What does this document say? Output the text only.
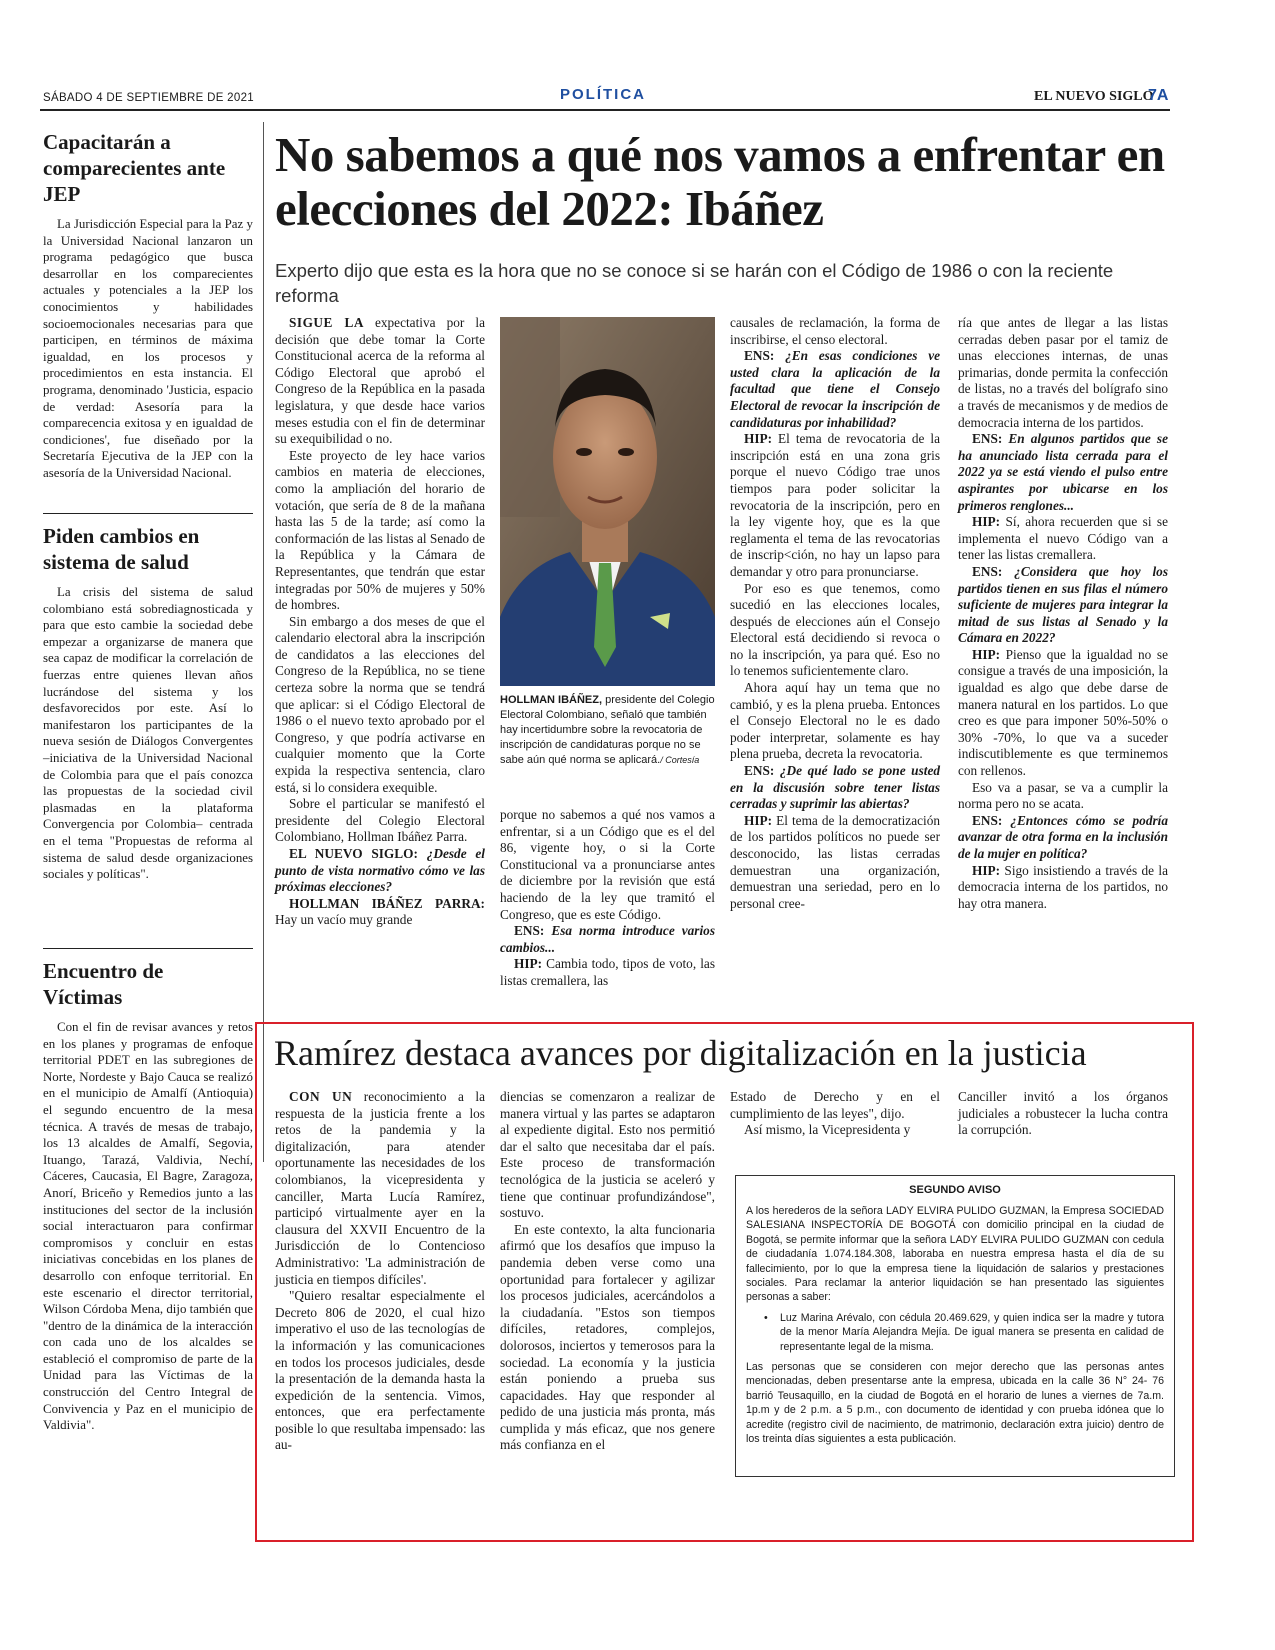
SÁBADO 4 DE SEPTIEMBRE DE 2021	POLÍTICA	EL NUEVO SIGLO
7A
Capacitarán a comparecientes ante JEP

La Jurisdicción Especial para la Paz y la Universidad Nacional lanzaron un programa pedagógico que busca desarrollar en los comparecientes actuales y potenciales a la JEP los conocimientos y habilidades socioemocionales necesarias para que participen, en términos de máxima igualdad, en los procesos y procedimientos en esta instancia. El programa, denominado 'Justicia, espacio de verdad: Asesoría para la comparecencia exitosa y en igualdad de condiciones', fue diseñado por la Secretaría Ejecutiva de la JEP con la asesoría de la Universidad Nacional.

Piden cambios en sistema de salud

La crisis del sistema de salud colombiano está sobrediagnosticada y para que esto cambie la sociedad debe empezar a organizarse de manera que sea capaz de modificar la correlación de fuerzas entre quienes llevan años lucrándose del sistema y los desfavorecidos por este. Así lo manifestaron los participantes de la nueva sesión de Diálogos Convergentes –iniciativa de la Universidad Nacional de Colombia para que el país conozca las propuestas de la sociedad civil plasmadas en la plataforma Convergencia por Colombia– centrada en el tema "Propuestas de reforma al sistema de salud desde organizaciones sociales y políticas".

Encuentro de Víctimas

Con el fin de revisar avances y retos en los planes y programas de enfoque territorial PDET en las subregiones de Norte, Nordeste y Bajo Cauca se realizó en el municipio de Amalfí (Antioquia) el segundo encuentro de la mesa técnica. A través de mesas de trabajo, los 13 alcaldes de Amalfí, Segovia, Ituango, Tarazá, Valdivia, Nechí, Cáceres, Caucasia, El Bagre, Zaragoza, Anorí, Briceño y Remedios junto a las instituciones del sector de la inclusión social interactuaron para confirmar compromisos y concluir en estas iniciativas concebidas en los planes de desarrollo con enfoque territorial. En este escenario el director territorial, Wilson Córdoba Mena, dijo también que "dentro de la dinámica de la interacción con cada uno de los alcaldes se estableció el compromiso de parte de la Unidad para las Víctimas de la construcción del Centro Integral de Convivencia y Paz en el municipio de Valdivia".

No sabemos a qué nos vamos a enfrentar en elecciones del 2022: Ibáñez
Experto dijo que esta es la hora que no se conoce si se harán con el Código de 1986 o con la reciente reforma

SIGUE LA expectativa por la decisión que debe tomar la Corte Constitucional acerca de la reforma al Código Electoral que aprobó el Congreso de la República en la pasada legislatura, y que desde hace varios meses estudia con el fin de determinar su exequibilidad o no.

Este proyecto de ley hace varios cambios en materia de elecciones, como la ampliación del horario de votación, que sería de 8 de la mañana hasta las 5 de la tarde; así como la conformación de las listas al Senado de la República y la Cámara de Representantes, que tendrán que estar integradas por 50% de mujeres y 50% de hombres.

Sin embargo a dos meses de que el calendario electoral abra la inscripción de candidatos a las elecciones del Congreso de la República, no se tiene certeza sobre la norma que se tendrá que aplicar: si el Código Electoral de 1986 o el nuevo texto aprobado por el Congreso, y que podría activarse en cualquier momento que la Corte expida la respectiva sentencia, claro está, si lo considera exequible.

Sobre el particular se manifestó el presidente del Colegio Electoral Colombiano, Hollman Ibáñez Parra.

EL NUEVO SIGLO: ¿Desde el punto de vista normativo cómo ve las próximas elecciones?

HOLLMAN IBÁÑEZ PARRA: Hay un vacío muy grande

HOLLMAN IBÁÑEZ, presidente del Colegio Electoral Colombiano, señaló que también hay incertidumbre sobre la revocatoria de inscripción de candidaturas porque no se sabe aún qué norma se aplicará./ Cortesía

porque no sabemos a qué nos vamos a enfrentar, si a un Código que es el del 86, vigente hoy, o si la Corte Constitucional va a pronunciarse antes de diciembre por la revisión que está haciendo de la ley que tramitó el Congreso, que es este Código.

ENS: Esa norma introduce varios cambios...

HIP: Cambia todo, tipos de voto, las listas cremallera, las

causales de reclamación, la forma de inscribirse, el censo electoral.

ENS: ¿En esas condiciones ve usted clara la aplicación de la facultad que tiene el Consejo Electoral de revocar la inscripción de candidaturas por inhabilidad?

HIP: El tema de revocatoria de la inscripción está en una zona gris porque el nuevo Código trae unos tiempos para poder solicitar la revocatoria de la inscripción, pero en la ley vigente hoy, que es la que reglamenta el tema de las revocatorias de inscrip<ción, no hay un lapso para demandar y otro para pronunciarse.

Por eso es que tenemos, como sucedió en las elecciones locales, después de elecciones aún el Consejo Electoral está decidiendo si revoca o no la inscripción, ya para qué. Eso no lo tenemos suficientemente claro.

Ahora aquí hay un tema que no cambió, y es la plena prueba. Entonces el Consejo Electoral no le es dado poder interpretar, solamente es hay plena prueba, decreta la revocatoria.

ENS: ¿De qué lado se pone usted en la discusión sobre tener listas cerradas y suprimir las abiertas?

HIP: El tema de la democratización de los partidos políticos no puede ser desconocido, las listas cerradas demuestran una organización, demuestran una seriedad, pero en lo personal cree-

ría que antes de llegar a las listas cerradas deben pasar por el tamiz de unas elecciones internas, de unas primarias, donde permita la confección de listas, no a través del bolígrafo sino a través de mecanismos y de medios de democracia interna de los partidos.

ENS: En algunos partidos que se ha anunciado lista cerrada para el 2022 ya se está viendo el pulso entre aspirantes por ubicarse en los primeros renglones...

HIP: Sí, ahora recuerden que si se implementa el nuevo Código van a tener las listas cremallera.

ENS: ¿Considera que hoy los partidos tienen en sus filas el número suficiente de mujeres para integrar la mitad de sus listas al Senado y la Cámara en 2022?

HIP: Pienso que la igualdad no se consigue a través de una imposición, la igualdad es algo que debe darse de manera natural en los partidos. Lo que creo es que para imponer 50%-50% o 30% -70%, lo que va a suceder indiscutiblemente es que terminemos con rellenos.

Eso va a pasar, se va a cumplir la norma pero no se acata.

ENS: ¿Entonces cómo se podría avanzar de otra forma en la inclusión de la mujer en política?

HIP: Sigo insistiendo a través de la democracia interna de los partidos, no hay otra manera.

Ramírez destaca avances por digitalización en la justicia

CON UN reconocimiento a la respuesta de la justicia frente a los retos de la pandemia y la digitalización, para atender oportunamente las necesidades de los colombianos, la vicepresidenta y canciller, Marta Lucía Ramírez, participó virtualmente ayer en la clausura del XXVII Encuentro de la Jurisdicción de lo Contencioso Administrativo: 'La administración de justicia en tiempos difíciles'.

"Quiero resaltar especialmente el Decreto 806 de 2020, el cual hizo imperativo el uso de las tecnologías de la información y las comunicaciones en todos los procesos judiciales, desde la presentación de la demanda hasta la expedición de la sentencia. Vimos, entonces, que era perfectamente posible lo que resultaba impensado: las au-

diencias se comenzaron a realizar de manera virtual y las partes se adaptaron al expediente digital. Esto nos permitió dar el salto que necesitaba dar el país. Este proceso de transformación tecnológica de la justicia se aceleró y tiene que continuar profundizándose", sostuvo.

En este contexto, la alta funcionaria afirmó que los desafíos que impuso la pandemia deben verse como una oportunidad para fortalecer y agilizar los procesos judiciales, acercándolos a la ciudadanía. "Estos son tiempos difíciles, retadores, complejos, dolorosos, inciertos y temerosos para la sociedad. La economía y la justicia están poniendo a prueba sus capacidades. Hay que responder al pedido de una justicia más pronta, más cumplida y más eficaz, que nos genere más confianza en el

Estado de Derecho y en el cumplimiento de las leyes", dijo.

Así mismo, la Vicepresidenta y

Canciller invitó a los órganos judiciales a robustecer la lucha contra la corrupción.

SEGUNDO AVISO

A los herederos de la señora LADY ELVIRA PULIDO GUZMAN, la Empresa SOCIEDAD SALESIANA INSPECTORÍA DE BOGOTÁ con domicilio principal en la ciudad de Bogotá, se permite informar que la señora LADY ELVIRA PULIDO GUZMAN con cedula de ciudadanía 1.074.184.308, laboraba en nuestra empresa hasta el día de su fallecimiento, por lo que la empresa tiene la liquidación de salarios y prestaciones sociales. Para reclamar la anterior liquidación se han presentado las siguientes personas a saber:

•	Luz Marina Arévalo, con cédula 20.469.629, y quien indica ser la madre y tutora de la menor María Alejandra Mejía. De igual manera se presenta en calidad de representante legal de la misma.

Las personas que se consideren con mejor derecho que las personas antes mencionadas, deben presentarse ante la empresa, ubicada en la calle 36 N° 24- 76 barrió Teusaquillo, en la ciudad de Bogotá en el horario de lunes a viernes de 7a.m. 1p.m y de 2 p.m. a 5 p.m., con documento de identidad y con prueba idónea que lo acredite (registro civil de nacimiento, de matrimonio, declaración extra juicio) dentro de los treinta días siguientes a esta publicación.
